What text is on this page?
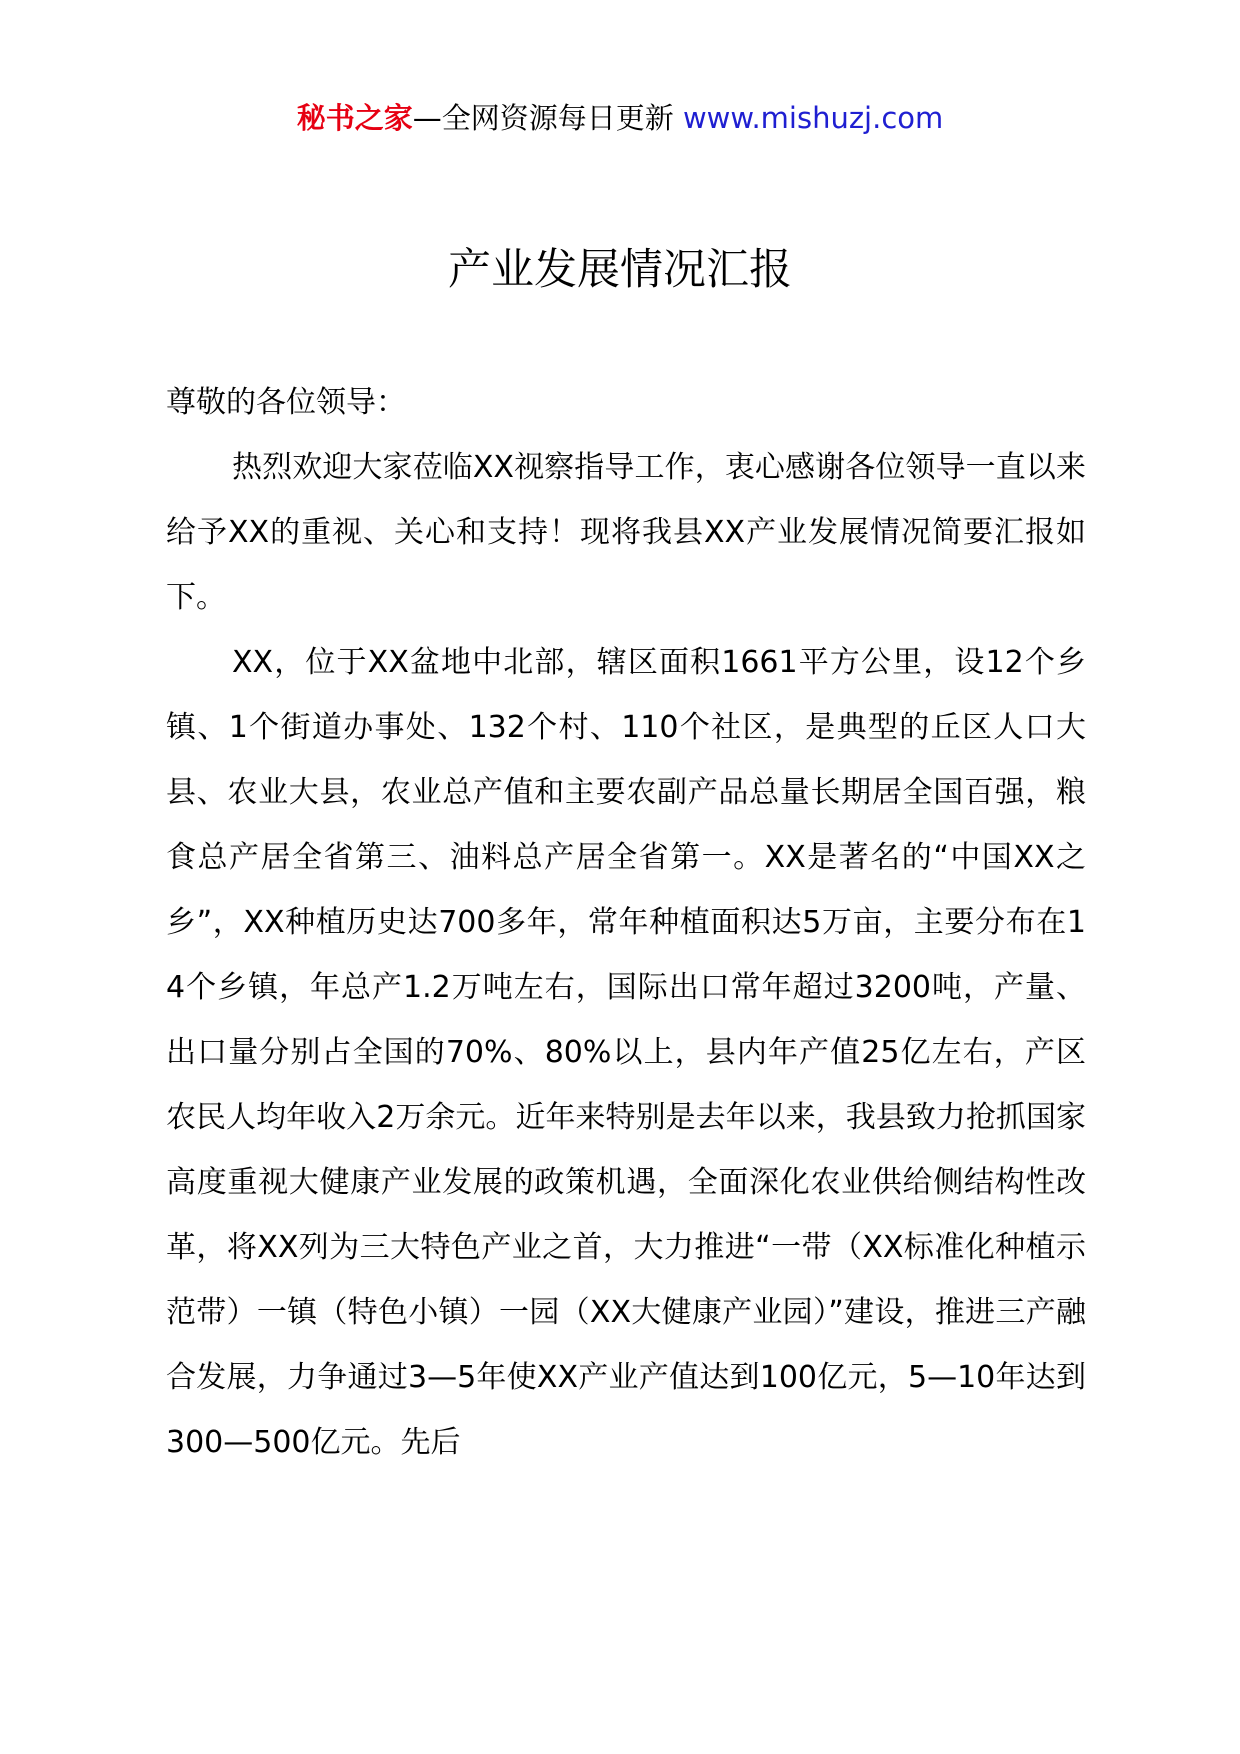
秘书之家—全网资源每日更新 www.mishuzj.com
产业发展情况汇报

尊敬的各位领导：

热烈欢迎大家莅临XX视察指导工作，衷心感谢各位领导一直以来给予XX的重视、关心和支持！现将我县XX产业发展情况简要汇报如下。

XX，位于XX盆地中北部，辖区面积1661平方公里，设12个乡镇、1个街道办事处、132个村、110个社区，是典型的丘区人口大县、农业大县，农业总产值和主要农副产品总量长期居全国百强，粮食总产居全省第三、油料总产居全省第一。XX是著名的“中国XX之乡”，XX种植历史达700多年，常年种植面积达5万亩，主要分布在14个乡镇，年总产1.2万吨左右，国际出口常年超过3200吨，产量、出口量分别占全国的70%、80%以上，县内年产值25亿左右，产区农民人均年收入2万余元。近年来特别是去年以来，我县致力抢抓国家高度重视大健康产业发展的政策机遇，全面深化农业供给侧结构性改革，将XX列为三大特色产业之首，大力推进“一带（XX标准化种植示范带）一镇（特色小镇）一园（XX大健康产业园）”建设，推进三产融合发展，力争通过3—5年使XX产业产值达到100亿元，5—10年达到300—500亿元。先后
